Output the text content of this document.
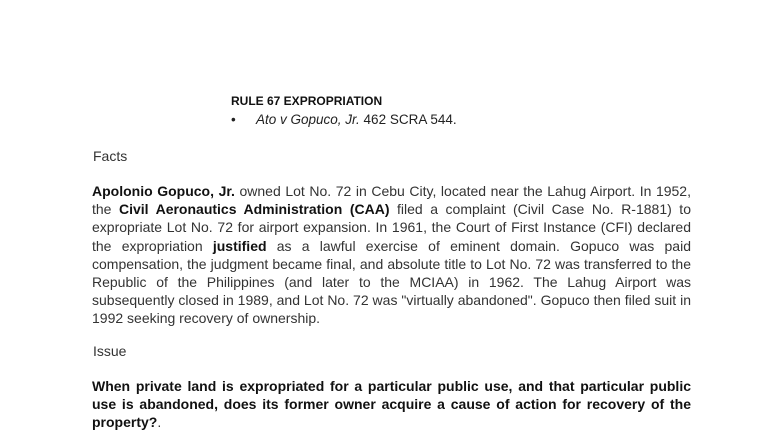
RULE 67 EXPROPRIATION
• Ato v Gopuco, Jr. 462 SCRA 544.
Facts
Apolonio Gopuco, Jr. owned Lot No. 72 in Cebu City, located near the Lahug Airport. In 1952, the Civil Aeronautics Administration (CAA) filed a complaint (Civil Case No. R-1881) to expropriate Lot No. 72 for airport expansion. In 1961, the Court of First Instance (CFI) declared the expropriation justified as a lawful exercise of eminent domain. Gopuco was paid compensation, the judgment became final, and absolute title to Lot No. 72 was transferred to the Republic of the Philippines (and later to the MCIAA) in 1962. The Lahug Airport was subsequently closed in 1989, and Lot No. 72 was "virtually abandoned". Gopuco then filed suit in 1992 seeking recovery of ownership.
Issue
When private land is expropriated for a particular public use, and that particular public use is abandoned, does its former owner acquire a cause of action for recovery of the property?.
